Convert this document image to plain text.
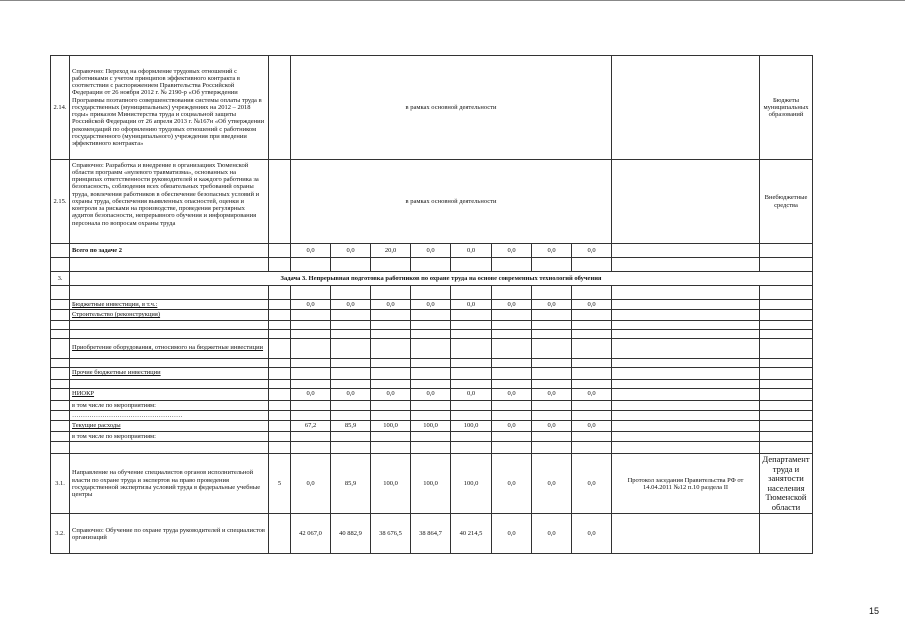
2.14.	Справочно: Переход на оформление трудовых отношений с работниками с учетом принципов эффективного контракта в соответствии с распоряжением Правительства Российской Федерации от 26 ноября 2012 г. № 2190-р «Об утверждении Программы поэтапного совершенствования системы оплаты труда в государственных (муниципальных) учреждениях на 2012 – 2018 годы» приказом Министерства труда и социальной защиты Российской Федерации от 26 апреля 2013 г. №167н «Об утверждении рекомендаций по оформлению трудовых отношений с работником государственного (муниципального) учреждения при введении эффективного контракта»		в рамках основной деятельности									Бюджеты муниципальных образований
2.15.	Справочно: Разработка и внедрение в организациях Тюменской области программ «нулевого травматизма», основанных на принципах ответственности руководителей и каждого работника за безопасность, соблюдения всех обязательных требований охраны труда, вовлечения работников в обеспечение безопасных условий и охраны труда, обеспечения выявленных опасностей, оценки и контроля за рисками на производстве, проведения регулярных аудитов безопасности, непрерывного обучения и информирования персонала по вопросам охраны труда		в рамках основной деятельности									Внебюджетные средства
	Всего по задаче 2		0,0	0,0	20,0	0,0	0,0	0,0	0,0	0,0		

3.	Задача 3. Непрерывная подготовка работников по охране труда на основе современных технологий обучения											

	Бюджетные инвестиции, в т.ч.:		0,0	0,0	0,0	0,0	0,0	0,0	0,0	0,0		
	Строительство (реконструкция)											

	Приобретение оборудования, относимого на бюджетные инвестиции											

	Прочие бюджетные инвестиции											

	НИОКР		0,0	0,0	0,0	0,0	0,0	0,0	0,0	0,0		
	в том числе по мероприятиям:											
	……………………………………………											
	Текущие расходы		67,2	85,9	100,0	100,0	100,0	0,0	0,0	0,0		
	в том числе по мероприятиям:											

3.1.	Направление на обучение специалистов органов исполнительной власти по охране труда и экспертов на право проведения государственной экспертизы условий труда в федеральные учебные центры	5	0,0	85,9	100,0	100,0	100,0	0,0	0,0	0,0	Протокол заседания Правительства РФ от 14.04.2011 №12 п.10 раздела II	Департамент труда и занятости населения Тюменской области
3.2.	Справочно: Обучение по охране труда руководителей и специалистов организаций		42 067,0	40 882,9	38 676,5	38 864,7	40 214,5	0,0	0,0	0,0		
15
